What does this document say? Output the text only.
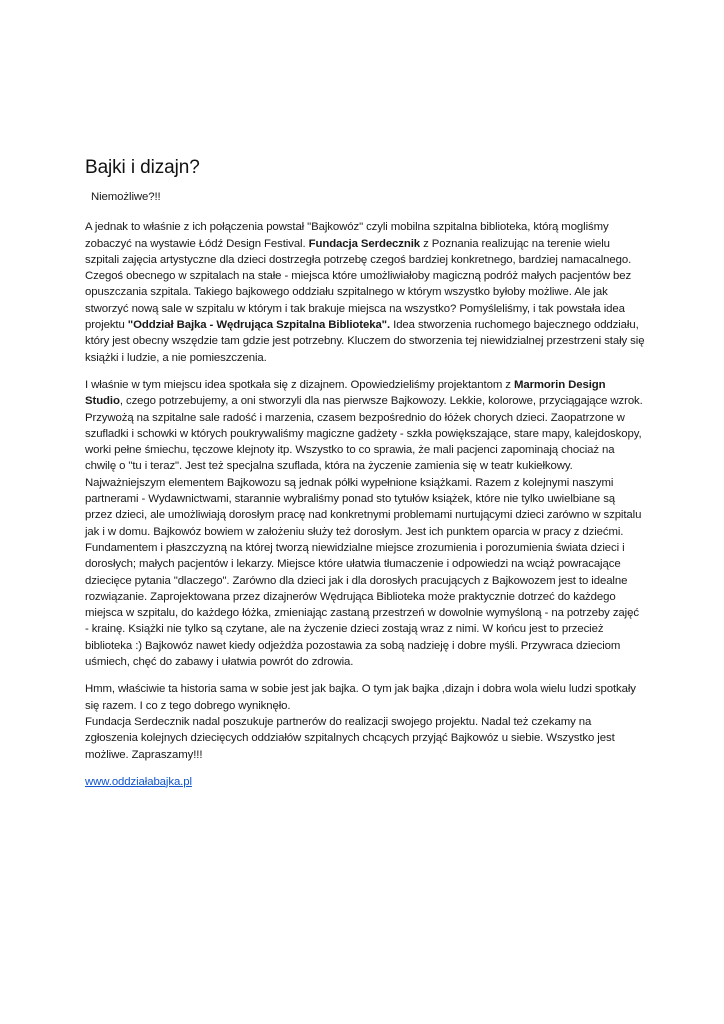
Bajki i dizajn?
Niemożliwe?!!

A jednak to właśnie z ich połączenia powstał "Bajkowóz" czyli mobilna szpitalna biblioteka, którą mogliśmy zobaczyć na wystawie Łódź Design Festival. Fundacja Serdecznik z Poznania realizując na terenie wielu szpitali zajęcia artystyczne dla dzieci dostrzegła potrzebę czegoś bardziej konkretnego, bardziej namacalnego. Czegoś obecnego w szpitalach na stałe - miejsca które umożliwiałoby magiczną podróż małych pacjentów bez opuszczania szpitala. Takiego bajkowego oddziału szpitalnego w którym wszystko byłoby możliwe. Ale jak stworzyć nową sale w szpitalu w którym i tak brakuje miejsca na wszystko? Pomyśleliśmy, i tak powstała idea projektu "Oddział Bajka - Wędrująca Szpitalna Biblioteka". Idea stworzenia ruchomego bajecznego oddziału, który jest obecny wszędzie tam gdzie jest potrzebny. Kluczem do stworzenia tej niewidzialnej przestrzeni stały się książki i ludzie, a nie pomieszczenia.

I właśnie w tym miejscu idea spotkała się z dizajnem. Opowiedzieliśmy projektantom z Marmorin Design Studio, czego potrzebujemy, a oni stworzyli dla nas pierwsze Bajkowozy. Lekkie, kolorowe, przyciągające wzrok. Przywożą na szpitalne sale radość i marzenia, czasem bezpośrednio do łóżek chorych dzieci. Zaopatrzone w szufladki i schowki w których poukrywaliśmy magiczne gadżety - szkła powiększające, stare mapy, kalejdoskopy, worki pełne śmiechu, tęczowe klejnoty itp. Wszystko to co sprawia, że mali pacjenci zapominają chociaż na chwilę o "tu i teraz". Jest też specjalna szuflada, która na życzenie zamienia się w teatr kukiełkowy. Najważniejszym elementem Bajkowozu są jednak półki wypełnione książkami. Razem z kolejnymi naszymi partnerami - Wydawnictwami, starannie wybraliśmy ponad sto tytułów książek, które nie tylko uwielbiane są przez dzieci, ale umożliwiają dorosłym pracę nad konkretnymi problemami nurtującymi dzieci zarówno w szpitalu jak i w domu. Bajkowóz bowiem w założeniu służy też dorosłym. Jest ich punktem oparcia w pracy z dziećmi. Fundamentem i płaszczyzną na której tworzą niewidzialne miejsce zrozumienia i porozumienia świata dzieci i dorosłych; małych pacjentów i lekarzy. Miejsce które ułatwia tłumaczenie i odpowiedzi na wciąż powracające dziecięce pytania "dlaczego". Zarówno dla dzieci jak i dla dorosłych pracujących z Bajkowozem jest to idealne rozwiązanie. Zaprojektowana przez dizajnerów Wędrująca Biblioteka może praktycznie dotrzeć do każdego miejsca w szpitalu, do każdego łóżka, zmieniając zastaną przestrzeń w dowolnie wymyśloną - na potrzeby zajęć - krainę. Książki nie tylko są czytane, ale na życzenie dzieci zostają wraz z nimi. W końcu jest to przecież biblioteka :) Bajkowóz nawet kiedy odjeżdża pozostawia za sobą nadzieję i dobre myśli. Przywraca dzieciom uśmiech, chęć do zabawy i ułatwia powrót do zdrowia.

Hmm, właściwie ta historia sama w sobie jest jak bajka. O tym jak bajka ,dizajn i dobra wola wielu ludzi spotkały się razem. I co z tego dobrego wyniknęło.

Fundacja Serdecznik nadal poszukuje partnerów do realizacji swojego projektu. Nadal też czekamy na zgłoszenia kolejnych dziecięcych oddziałów szpitalnych chcących przyjąć Bajkowóz u siebie. Wszystko jest możliwe. Zapraszamy!!!

www.oddziałabajka.pl
